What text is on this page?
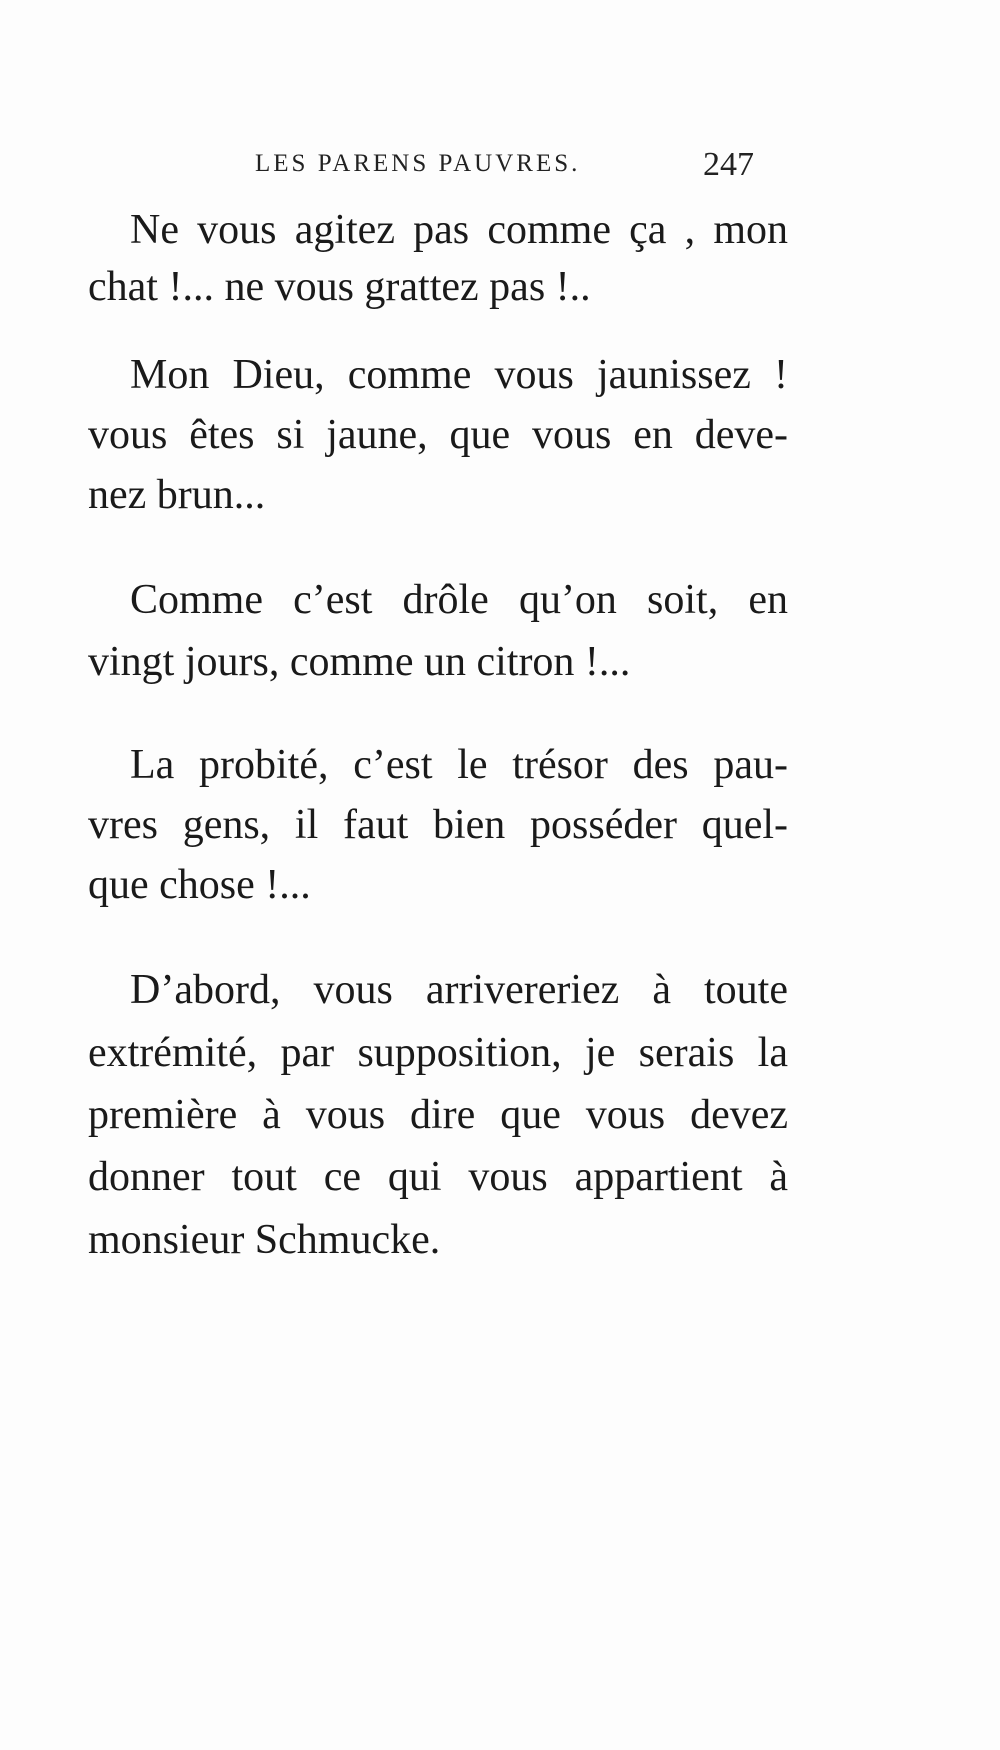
LES PARENS PAUVRES.	247
Ne vous agitez pas comme ça , mon
chat !... ne vous grattez pas !..
Mon Dieu, comme vous jaunissez !
vous êtes si jaune, que vous en deve-
nez brun...
Comme c’est drôle qu’on soit, en
vingt jours, comme un citron !...
La probité, c’est le trésor des pau-
vres gens, il faut bien posséder quel-
que chose !...
D’abord, vous arrivereriez à toute
extrémité, par supposition, je serais la
première à vous dire que vous devez
donner tout ce qui vous appartient à
monsieur Schmucke.
